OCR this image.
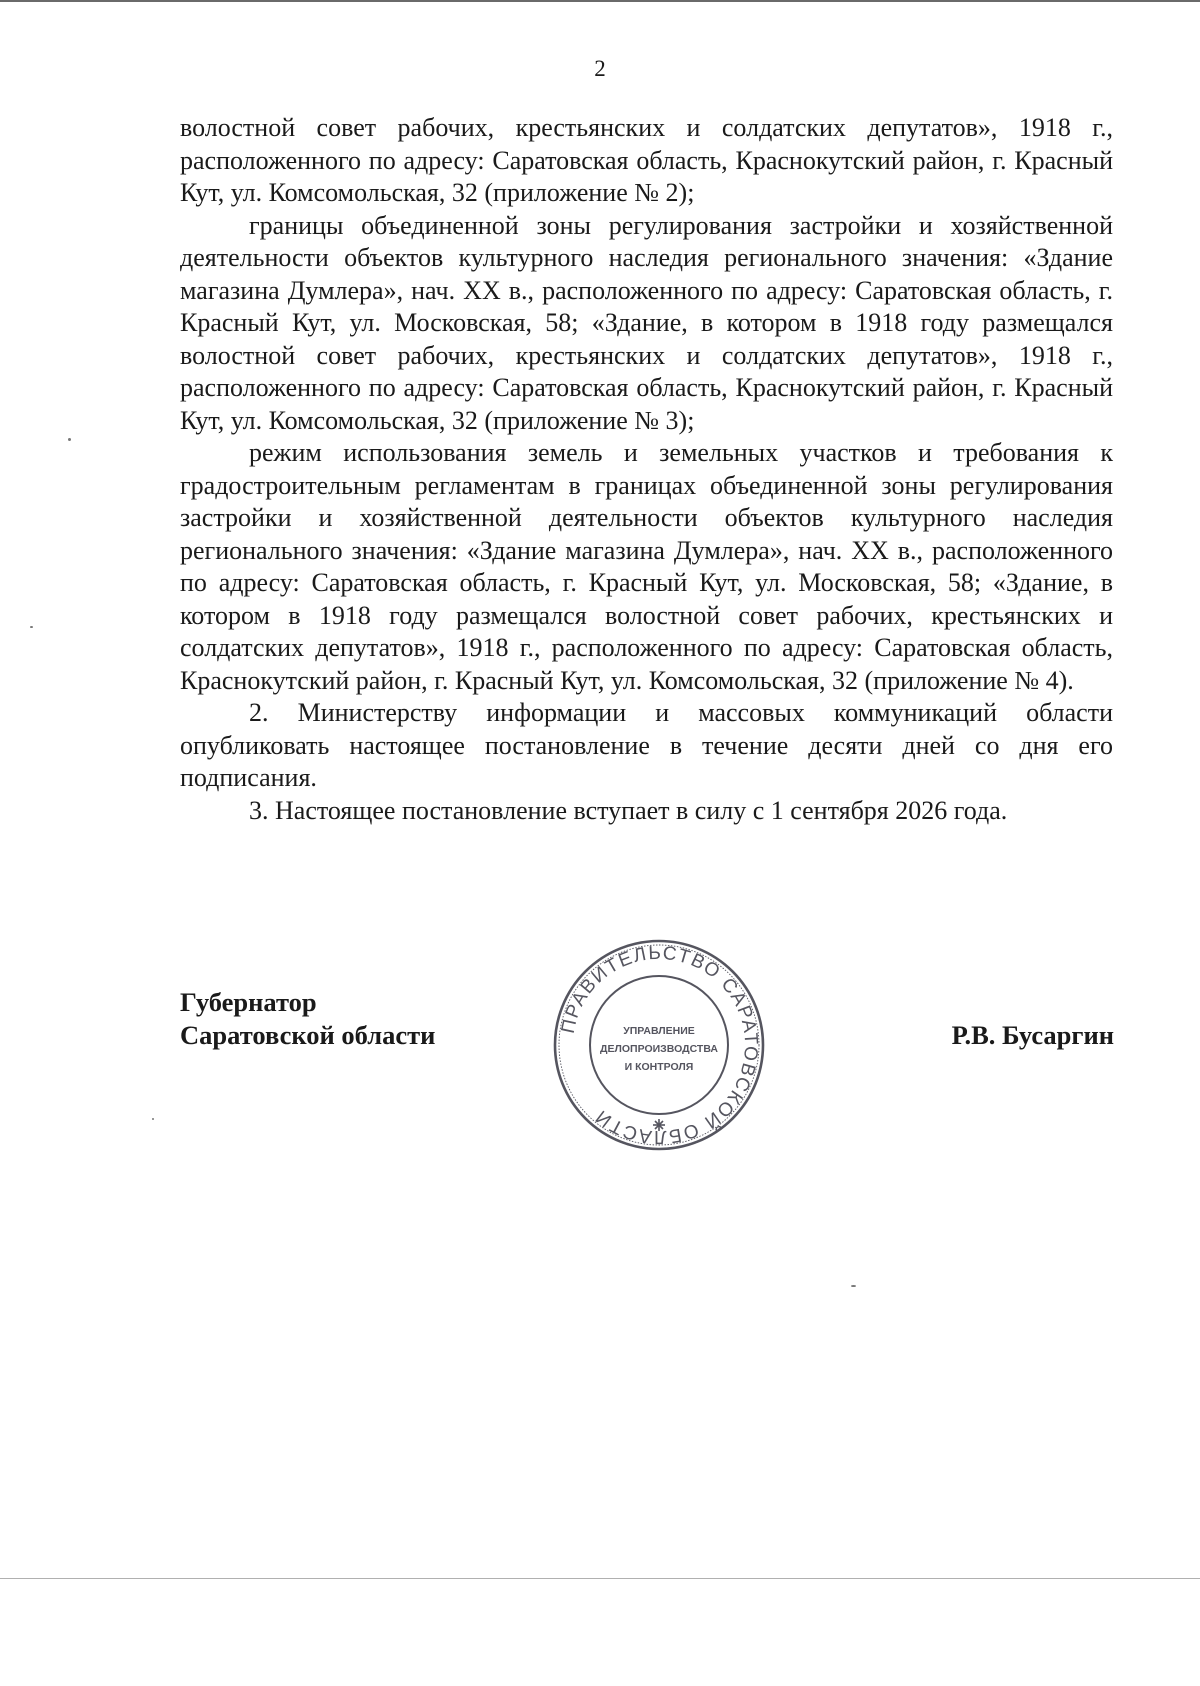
2

волостной совет рабочих, крестьянских и солдатских депутатов», 1918 г., расположенного по адресу: Саратовская область, Краснокутский район, г. Красный Кут, ул. Комсомольская, 32 (приложение № 2);

границы объединенной зоны регулирования застройки и хозяйственной деятельности объектов культурного наследия регионального значения: «Здание магазина Думлера», нач. XX в., расположенного по адресу: Саратовская область, г. Красный Кут, ул. Московская, 58; «Здание, в котором в 1918 году размещался волостной совет рабочих, крестьянских и солдатских депутатов», 1918 г., расположенного по адресу: Саратовская область, Краснокутский район, г. Красный Кут, ул. Комсомольская, 32 (приложение № 3);

режим использования земель и земельных участков и требования к градостроительным регламентам в границах объединенной зоны регулирования застройки и хозяйственной деятельности объектов культурного наследия регионального значения: «Здание магазина Думлера», нач. XX в., расположенного по адресу: Саратовская область, г. Красный Кут, ул. Московская, 58; «Здание, в котором в 1918 году размещался волостной совет рабочих, крестьянских и солдатских депутатов», 1918 г., расположенного по адресу: Саратовская область, Краснокутский район, г. Красный Кут, ул. Комсомольская, 32 (приложение № 4).

2. Министерству информации и массовых коммуникаций области опубликовать настоящее постановление в течение десяти дней со дня его подписания.

3. Настоящее постановление вступает в силу с 1 сентября 2026 года.

Губернатор
Саратовской области	Р.В. Бусаргин
ПРАВИТЕЛЬСТВО САРАТОВСКОЙ ОБЛАСТИ
УПРАВЛЕНИЕ
ДЕЛОПРОИЗВОДСТВА
И КОНТРОЛЯ
